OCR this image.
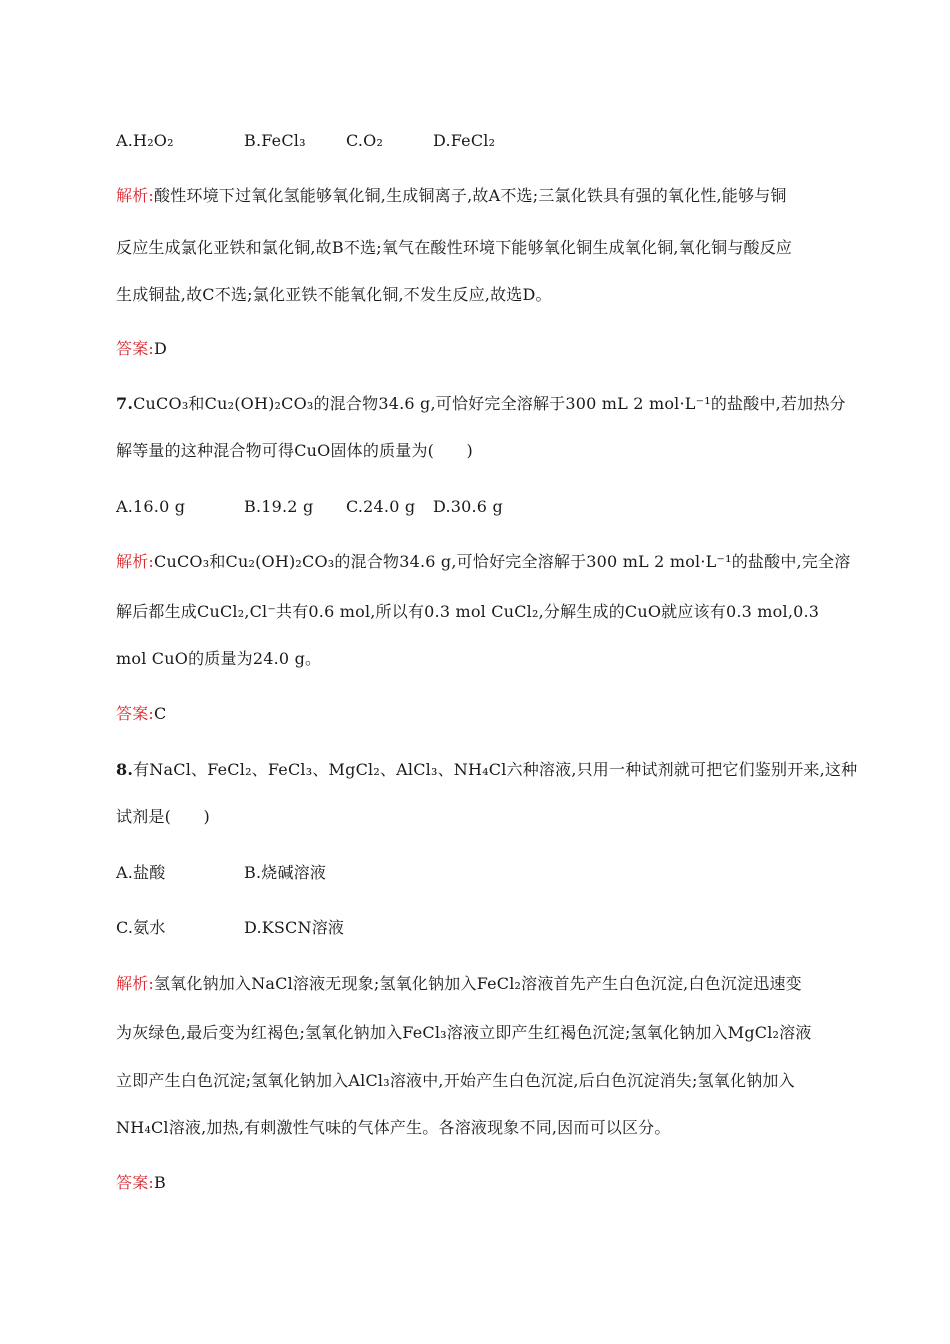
A.H₂O₂	B.FeCl₃	C.O₂	D.FeCl₂
解析:酸性环境下过氧化氢能够氧化铜,生成铜离子,故A不选;三氯化铁具有强的氧化性,能够与铜
反应生成氯化亚铁和氯化铜,故B不选;氧气在酸性环境下能够氧化铜生成氧化铜,氧化铜与酸反应
生成铜盐,故C不选;氯化亚铁不能氧化铜,不发生反应,故选D。
答案:D
7.CuCO₃和Cu₂(OH)₂CO₃的混合物34.6 g,可恰好完全溶解于300 mL 2 mol·L⁻¹的盐酸中,若加热分
解等量的这种混合物可得CuO固体的质量为(　　)
A.16.0 g	B.19.2 g C.24.0 g D.30.6 g
解析:CuCO₃和Cu₂(OH)₂CO₃的混合物34.6 g,可恰好完全溶解于300 mL 2 mol·L⁻¹的盐酸中,完全溶
解后都生成CuCl₂,Cl⁻共有0.6 mol,所以有0.3 mol CuCl₂,分解生成的CuO就应该有0.3 mol,0.3
mol CuO的质量为24.0 g。
答案:C
8.有NaCl、FeCl₂、FeCl₃、MgCl₂、AlCl₃、NH₄Cl六种溶液,只用一种试剂就可把它们鉴别开来,这种
试剂是(　　)
A.盐酸	B.烧碱溶液
C.氨水	D.KSCN溶液
解析:氢氧化钠加入NaCl溶液无现象;氢氧化钠加入FeCl₂溶液首先产生白色沉淀,白色沉淀迅速变
为灰绿色,最后变为红褐色;氢氧化钠加入FeCl₃溶液立即产生红褐色沉淀;氢氧化钠加入MgCl₂溶液
立即产生白色沉淀;氢氧化钠加入AlCl₃溶液中,开始产生白色沉淀,后白色沉淀消失;氢氧化钠加入
NH₄Cl溶液,加热,有刺激性气味的气体产生。各溶液现象不同,因而可以区分。
答案:B
